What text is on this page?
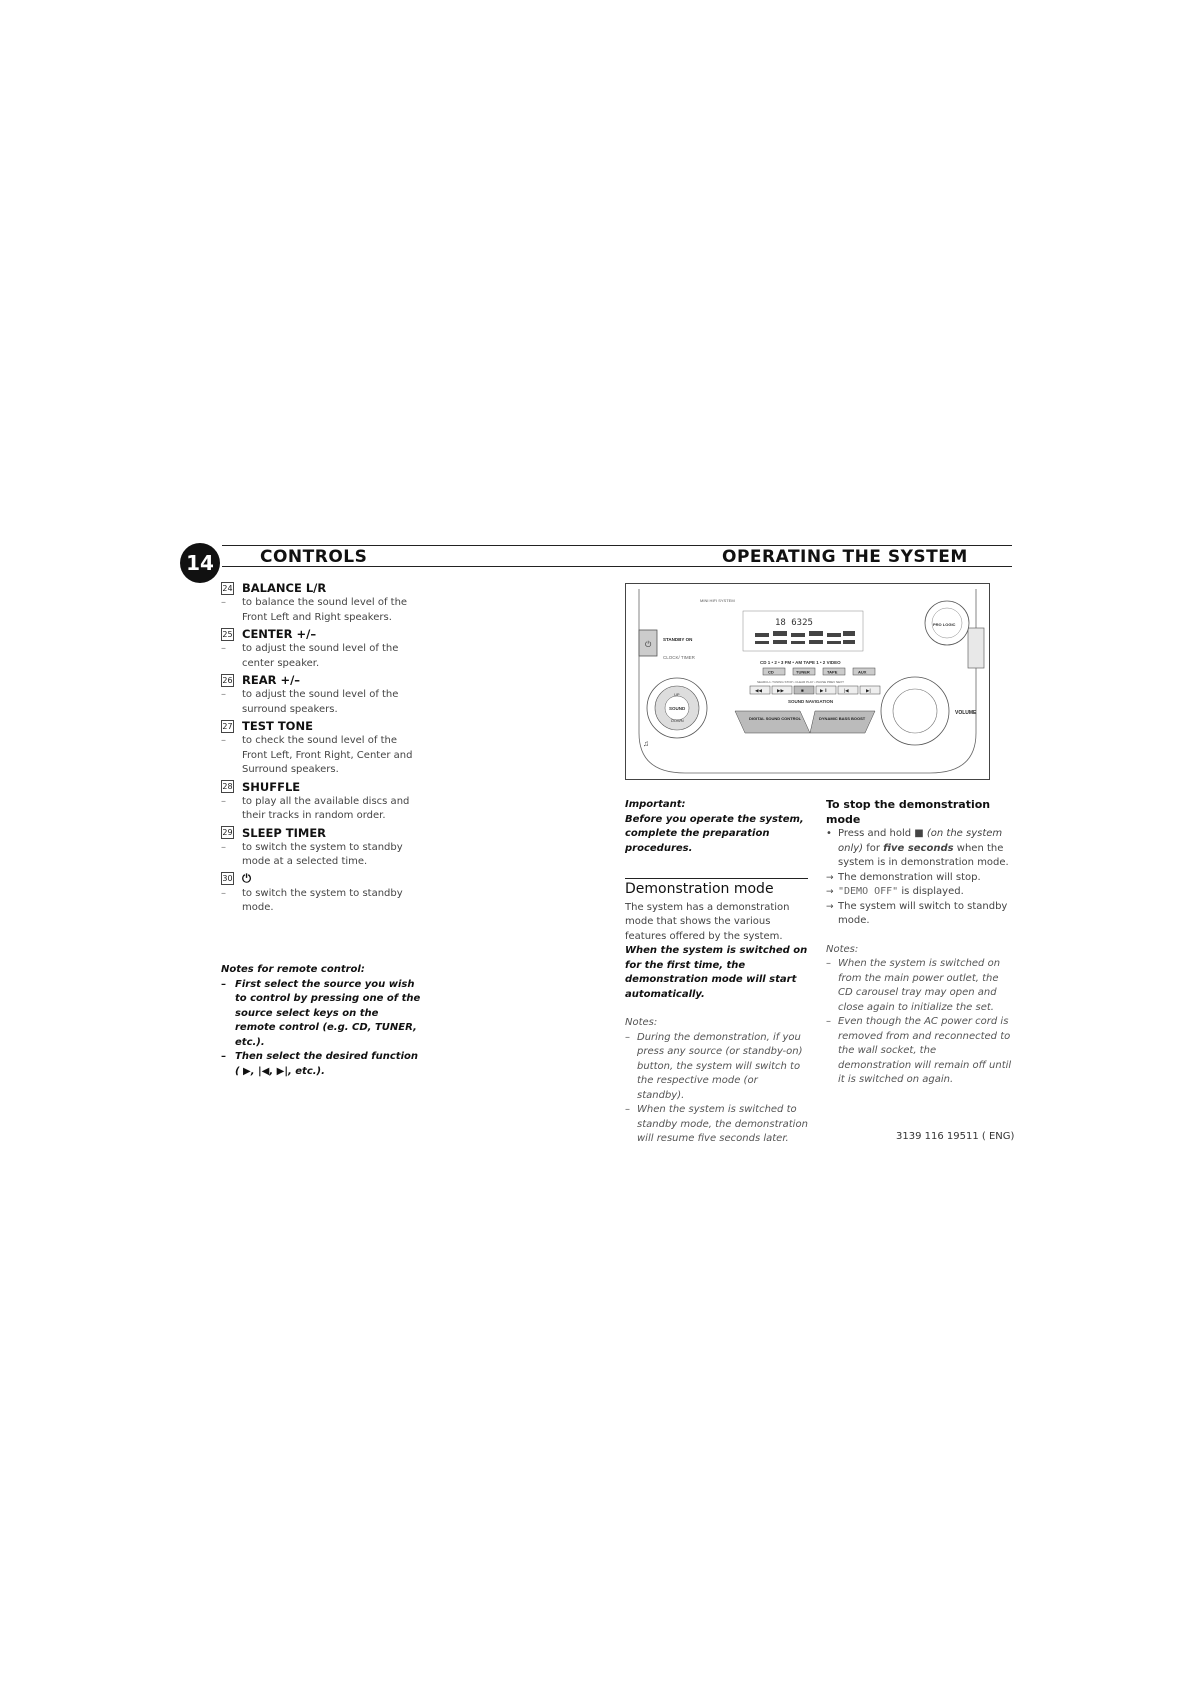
14	CONTROLS	OPERATING THE SYSTEM
24 BALANCE L/R
– to balance the sound level of the Front Left and Right speakers.
25 CENTER +/–
– to adjust the sound level of the center speaker.
26 REAR +/–
– to adjust the sound level of the surround speakers.
27 TEST TONE
– to check the sound level of the Front Left, Front Right, Center and Surround speakers.
28 SHUFFLE
– to play all the available discs and their tracks in random order.
29 SLEEP TIMER
– to switch the system to standby mode at a selected time.
30 ⏻
– to switch the system to standby mode.
Notes for remote control:
– First select the source you wish to control by pressing one of the source select keys on the remote control (e.g. CD, TUNER, etc.).
– Then select the desired function ( ▶, |◀, ▶|, etc.).
MINI HIFI SYSTEM
⏻
STANDBY ON
CLOCK/ TIMER
18 6325	PRO LOGIC
CD 1 • 2 • 3 FM • AM TAPE 1 • 2 VIDEO
CD	TUNER	TAPE	AUX
SEARCH • TUNING STOP • CLEAR PLAY • PAUSE PREV NEXT
◀◀	▶▶	■	▶ ‖	|◀	▶|
UP
SOUND
DOWN
♫
SOUND NAVIGATION
DIGITAL SOUND CONTROL	DYNAMIC BASS BOOST
VOLUME
Important:
Before you operate the system, complete the preparation procedures.
Demonstration mode
The system has a demonstration mode that shows the various features offered by the system. When the system is switched on for the first time, the demonstration mode will start automatically.
Notes:
– During the demonstration, if you press any source (or standby-on) button, the system will switch to the respective mode (or standby).
– When the system is switched to standby mode, the demonstration will resume five seconds later.
To stop the demonstration mode
• Press and hold ■ (on the system only) for five seconds when the system is in demonstration mode.
→ The demonstration will stop.
→ "DEMO OFF" is displayed.
→ The system will switch to standby mode.
Notes:
– When the system is switched on from the main power outlet, the CD carousel tray may open and close again to initialize the set.
– Even though the AC power cord is removed from and reconnected to the wall socket, the demonstration will remain off until it is switched on again.
3139 116 19511 ( ENG)
